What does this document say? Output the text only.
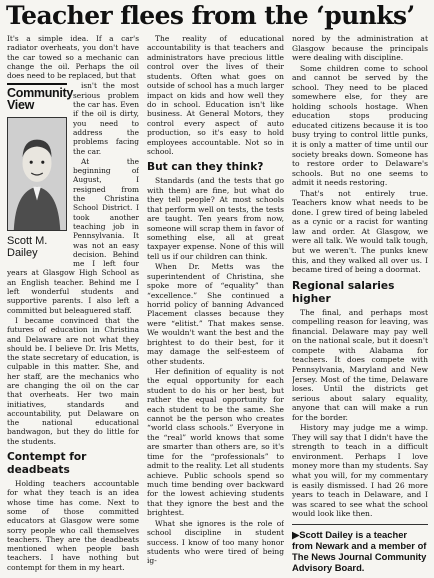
Teacher flees from the ‘punks’

It's a simple idea. If a car's radiator overheats, you don't have the car towed so a mechanic can change the oil. Perhaps the oil does need to be replaced, but that

Community
View
Scott M.
Dailey

isn't the most serious problem the car has. Even if the oil is dirty, you need to address the problems facing the car.

At the beginning of August, I resigned from the Christina School District. I took another teaching job in Pennsylvania. It was not an easy decision. Behind me I left four years at Glasgow High School as an English teacher. Behind me I left wonderful students and supportive parents. I also left a committed but beleaguered staff.

I became convinced that the futures of education in Christina and Delaware are not what they should be. I believe Dr. Iris Metts, the state secretary of education, is culpable in this matter. She, and her staff, are the mechanics who are changing the oil on the car that overheats. Her two main initiatives, standards and accountability, put Delaware on the national educational bandwagon, but they do little for the students.

Contempt for deadbeats

Holding teachers accountable for what they teach is an idea whose time has come. Next to some of those committed educators at Glasgow were some sorry people who call themselves teachers. They are the deadbeats mentioned when people bash teachers. I have nothing but contempt for them in my heart.

The reality of educational accountability is that teachers and administrators have precious little control over the lives of their students. Often what goes on outside of school has a much larger impact on kids and how well they do in school. Education isn't like business. At General Motors, they control every aspect of auto production, so it's easy to hold employees accountable. Not so in school.

But can they think?

Standards (and the tests that go with them) are fine, but what do they tell people? At most schools that perform well on tests, the tests are taught. Ten years from now, someone will scrap them in favor of something else, all at great taxpayer expense. None of this will tell us if our children can think.

When Dr. Metts was the superintendent of Christina, she spoke more of “equality” than “excellence.” She continued a horrid policy of banning Advanced Placement classes because they were “elitist.” That makes sense. We wouldn't want the best and the brightest to do their best, for it may damage the self-esteem of other students.

Her definition of equality is not the equal opportunity for each student to do his or her best, but rather the equal opportunity for each student to be the same. She cannot be the person who creates “world class schools.” Everyone in the “real” world knows that some are smarter than others are, so it's time for the “professionals” to admit to the reality. Let all students achieve. Public schools spend so much time bending over backward for the lowest achieving students that they ignore the best and the brightest.

What she ignores is the role of school discipline in student success. I know of too many honor students who were tired of being ig-

nored by the administration at Glasgow because the principals were dealing with discipline.

Some children come to school and cannot be served by the school. They need to be placed somewhere else, for they are holding schools hostage. When education stops producing educated citizens because it is too busy trying to control little punks, it is only a matter of time until our society breaks down. Someone has to restore order to Delaware's schools. But no one seems to admit it needs restoring.

That's not entirely true. Teachers know what needs to be done. I grew tired of being labeled as a cynic or a racist for wanting law and order. At Glasgow, we were all talk. We would talk tough, but we weren't. The punks knew this, and they walked all over us. I became tired of being a doormat.

Regional salaries higher

The final, and perhaps most compelling reason for leaving, was financial. Delaware may pay well on the national scale, but it doesn't compete with Alabama for teachers. It does compete with Pennsylvania, Maryland and New Jersey. Most of the time, Delaware loses. Until the districts get serious about salary equality, anyone that can will make a run for the border.

History may judge me a wimp. They will say that I didn't have the strength to teach in a difficult environment. Perhaps I love money more than my students. Say what you will, for my commentary is easily dismissed. I had 26 more years to teach in Delaware, and I was scared to see what the school would look like then.

▶Scott Dailey is a teacher from Newark and a member of The News Journal Community Advisory Board.
